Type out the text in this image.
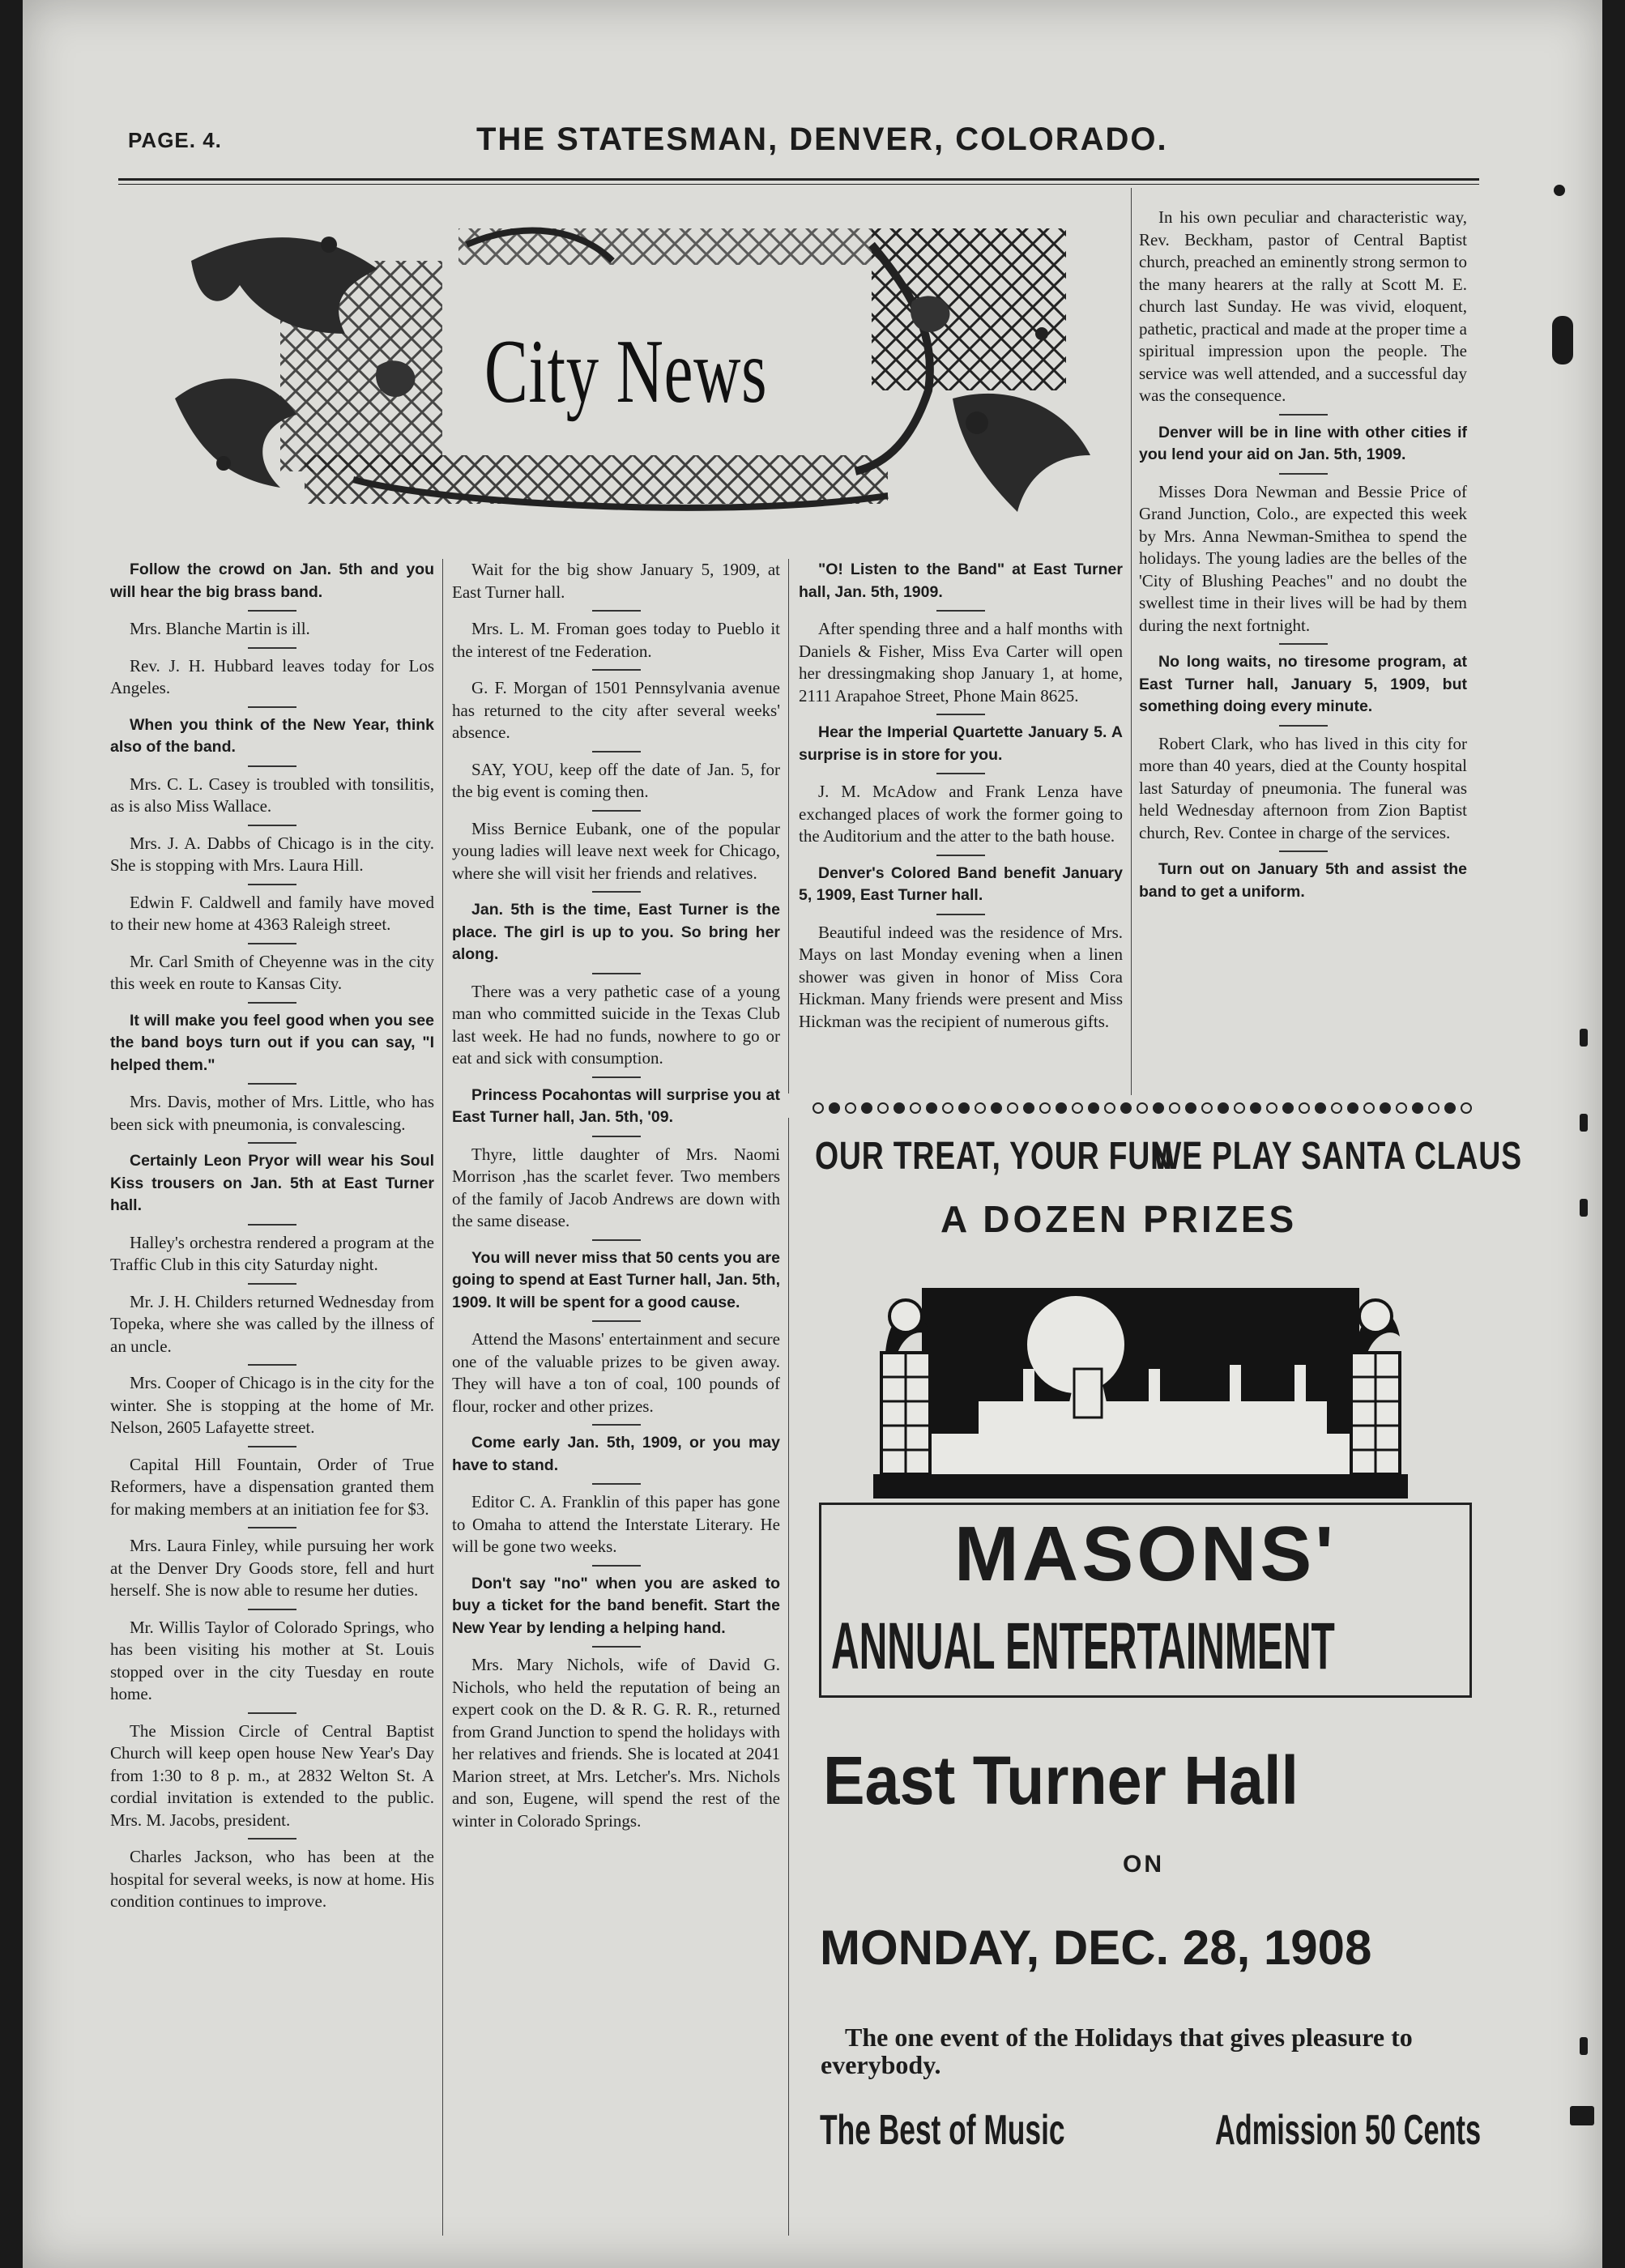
PAGE. 4.	THE STATESMAN, DENVER, COLORADO.
City News

Follow the crowd on Jan. 5th and you will hear the big brass band.

Mrs. Blanche Martin is ill.

Rev. J. H. Hubbard leaves today for Los Angeles.

When you think of the New Year, think also of the band.

Mrs. C. L. Casey is troubled with tonsilitis, as is also Miss Wallace.

Mrs. J. A. Dabbs of Chicago is in the city. She is stopping with Mrs. Laura Hill.

Edwin F. Caldwell and family have moved to their new home at 4363 Raleigh street.

Mr. Carl Smith of Cheyenne was in the city this week en route to Kansas City.

It will make you feel good when you see the band boys turn out if you can say, "I helped them."

Mrs. Davis, mother of Mrs. Little, who has been sick with pneumonia, is convalescing.

Certainly Leon Pryor will wear his Soul Kiss trousers on Jan. 5th at East Turner hall.

Halley's orchestra rendered a program at the Traffic Club in this city Saturday night.

Mr. J. H. Childers returned Wednesday from Topeka, where she was called by the illness of an uncle.

Mrs. Cooper of Chicago is in the city for the winter. She is stopping at the home of Mr. Nelson, 2605 Lafayette street.

Capital Hill Fountain, Order of True Reformers, have a dispensation granted them for making members at an initiation fee for $3.

Mrs. Laura Finley, while pursuing her work at the Denver Dry Goods store, fell and hurt herself. She is now able to resume her duties.

Mr. Willis Taylor of Colorado Springs, who has been visiting his mother at St. Louis stopped over in the city Tuesday en route home.

The Mission Circle of Central Baptist Church will keep open house New Year's Day from 1:30 to 8 p. m., at 2832 Welton St. A cordial invitation is extended to the public. Mrs. M. Jacobs, president.

Charles Jackson, who has been at the hospital for several weeks, is now at home. His condition continues to improve.

Wait for the big show January 5, 1909, at East Turner hall.

Mrs. L. M. Froman goes today to Pueblo it the interest of tne Federation.

G. F. Morgan of 1501 Pennsylvania avenue has returned to the city after several weeks' absence.

SAY, YOU, keep off the date of Jan. 5, for the big event is coming then.

Miss Bernice Eubank, one of the popular young ladies will leave next week for Chicago, where she will visit her friends and relatives.

Jan. 5th is the time, East Turner is the place. The girl is up to you. So bring her along.

There was a very pathetic case of a young man who committed suicide in the Texas Club last week. He had no funds, nowhere to go or eat and sick with consumption.

Princess Pocahontas will surprise you at East Turner hall, Jan. 5th, '09.

Thyre, little daughter of Mrs. Naomi Morrison ,has the scarlet fever. Two members of the family of Jacob Andrews are down with the same disease.

You will never miss that 50 cents you are going to spend at East Turner hall, Jan. 5th, 1909. It will be spent for a good cause.

Attend the Masons' entertainment and secure one of the valuable prizes to be given away. They will have a ton of coal, 100 pounds of flour, rocker and other prizes.

Come early Jan. 5th, 1909, or you may have to stand.

Editor C. A. Franklin of this paper has gone to Omaha to attend the Interstate Literary. He will be gone two weeks.

Don't say "no" when you are asked to buy a ticket for the band benefit. Start the New Year by lending a helping hand.

Mrs. Mary Nichols, wife of David G. Nichols, who held the reputation of being an expert cook on the D. & R. G. R. R., returned from Grand Junction to spend the holidays with her relatives and friends. She is located at 2041 Marion street, at Mrs. Letcher's. Mrs. Nichols and son, Eugene, will spend the rest of the winter in Colorado Springs.

"O! Listen to the Band" at East Turner hall, Jan. 5th, 1909.

After spending three and a half months with Daniels & Fisher, Miss Eva Carter will open her dressingmaking shop January 1, at home, 2111 Arapahoe Street, Phone Main 8625.

Hear the Imperial Quartette January 5. A surprise is in store for you.

J. M. McAdow and Frank Lenza have exchanged places of work the former going to the Auditorium and the atter to the bath house.

Denver's Colored Band benefit January 5, 1909, East Turner hall.

Beautiful indeed was the residence of Mrs. Mays on last Monday evening when a linen shower was given in honor of Miss Cora Hickman. Many friends were present and Miss Hickman was the recipient of numerous gifts.

In his own peculiar and characteristic way, Rev. Beckham, pastor of Central Baptist church, preached an eminently strong sermon to the many hearers at the rally at Scott M. E. church last Sunday. He was vivid, eloquent, pathetic, practical and made at the proper time a spiritual impression upon the people. The service was well attended, and a successful day was the consequence.

Denver will be in line with other cities if you lend your aid on Jan. 5th, 1909.

Misses Dora Newman and Bessie Price of Grand Junction, Colo., are expected this week by Mrs. Anna Newman-Smithea to spend the holidays. The young ladies are the belles of the 'City of Blushing Peaches" and no doubt the swellest time in their lives will be had by them during the next fortnight.

No long waits, no tiresome program, at East Turner hall, January 5, 1909, but something doing every minute.

Robert Clark, who has lived in this city for more than 40 years, died at the County hospital last Saturday of pneumonia. The funeral was held Wednesday afternoon from Zion Baptist church, Rev. Contee in charge of the services.

Turn out on January 5th and assist the band to get a uniform.

OUR TREAT, YOUR FUN
WE PLAY SANTA CLAUS
A DOZEN PRIZES
MASONS'
ANNUAL ENTERTAINMENT
East Turner Hall
ON
MONDAY, DEC. 28, 1908
The one event of the Holidays that gives pleasure to everybody.
The Best of Music	Admission 50 Cents
